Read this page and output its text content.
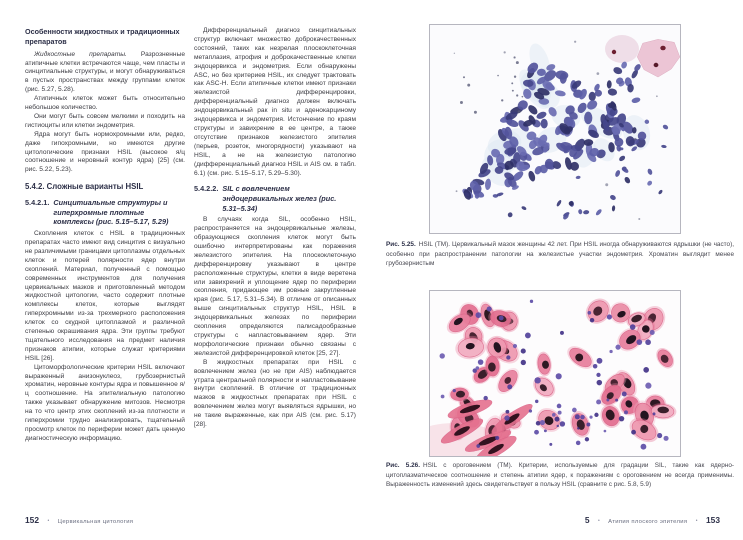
Особенности жидкостных и традиционных препаратов

Жидкостные препараты. Разрозненные атипичные клетки встречаются чаще, чем пласты и синцитиальные структуры, и могут обнаруживаться в пустых пространствах между группами клеток (рис. 5.27, 5.28).

Атипичных клеток может быть относительно небольшое количество.

Они могут быть совсем мелкими и походить на гистиоциты или клетки эндометрия.

Ядра могут быть нормохромными или, редко, даже гипохромными, но имеются другие цитологические признаки HSIL (высокое я/ц соотношение и неровный контур ядра) [25] (см. рис. 5.22, 5.23).

5.4.2. Сложные варианты HSIL
5.4.2.1. Синцитиальные структуры и гиперхромные плотные комплексы (рис. 5.15–5.17, 5.29)

Скопления клеток с HSIL в традиционных препаратах часто имеют вид синцития с визуально не различимыми границами цитоплазмы отдельных клеток и потерей полярности ядер внутри скоплений. Материал, полученный с помощью современных инструментов для получения цервикальных мазков и приготовленный методом жидкостной цитологии, часто содержит плотные комплексы клеток, которые выглядят гиперхромными из-за трехмерного расположения клеток со скудной цитоплазмой и различной степенью окрашивания ядра. Эти группы требуют тщательного исследования на предмет наличия признаков атипии, которые служат критериями HSIL [26].

Цитоморфологические критерии HSIL включают выраженный анизонуклеоз, грубозернистый хроматин, неровные контуры ядра и повышенное я/ц соотношение. На эпителиальную патологию также указывает обнаружение митозов. Несмотря на то что центр этих скоплений из-за плотности и гиперхромии трудно анализировать, тщательный просмотр клеток по периферии может дать ценную диагностическую информацию.

Дифференциальный диагноз синцитиальных структур включает множество доброкачественных состояний, таких как незрелая плоскоклеточная метаплазия, атрофия и доброкачественные клетки эндоцервикса и эндометрия. Если обнаружены ASC, но без критериев HSIL, их следует трактовать как ASC-H. Если атипичные клетки имеют признаки железистой дифференцировки, дифференциальный диагноз должен включать эндоцервикальный рак in situ и аденокарциному эндоцервикса и эндометрия. Истончение по краям структуры и завихрение в ее центре, а также отсутствие признаков железистого эпителия (перьев, розеток, многорядности) указывают на HSIL, а не на железистую патологию (дифференциальный диагноз HSIL и AIS см. в табл. 6.1) (см. рис. 5.15–5.17, 5.29–5.30).

5.4.2.2. SIL с вовлечением эндоцервикальных желез (рис. 5.31–5.34)

В случаях когда SIL, особенно HSIL, распространяется на эндоцервикальные железы, образующиеся скопления клеток могут быть ошибочно интерпретированы как поражения железистого эпителия. На плоскоклеточную дифференцировку указывают в центре расположенные структуры, клетки в виде веретена или завихрений и уплощение ядер по периферии скопления, придающее им ровные закругленные края (рис. 5.17, 5.31–5.34). В отличие от описанных выше синцитиальных структур HSIL, HSIL в эндоцервикальных железах по периферии скопления определяются палисадообразные структуры с напластовыванием ядер. Эти морфологические признаки обычно связаны с железистой дифференцировкой клеток [25, 27].

В жидкостных препаратах при HSIL с вовлечением желез (но не при AIS) наблюдается утрата центральной полярности и напластовывание внутри скоплений. В отличие от традиционных мазков в жидкостных препаратах при HSIL с вовлечением желез могут выявляться ядрышки, но не такие выраженные, как при AIS (см. рис. 5.17) [28].

152 • Цервикальная цитология

Рис. 5.25. HSIL (ТМ). Цервикальный мазок женщины 42 лет. При HSIL иногда обнаруживаются ядрышки (не часто), особенно при распространении патологии на железистые участки эндометрия. Хроматин выглядит менее грубозернистым

Рис. 5.26. HSIL с ороговением (ТМ). Критерии, используемые для градации SIL, такие как ядерно-цитоплазматическое соотношение и степень атипии ядер, к поражениям с ороговением не всегда применимы. Выраженность изменений здесь свидетельствует в пользу HSIL (сравните с рис. 5.8, 5.9)

5 • Атипия плоского эпителия • 153
